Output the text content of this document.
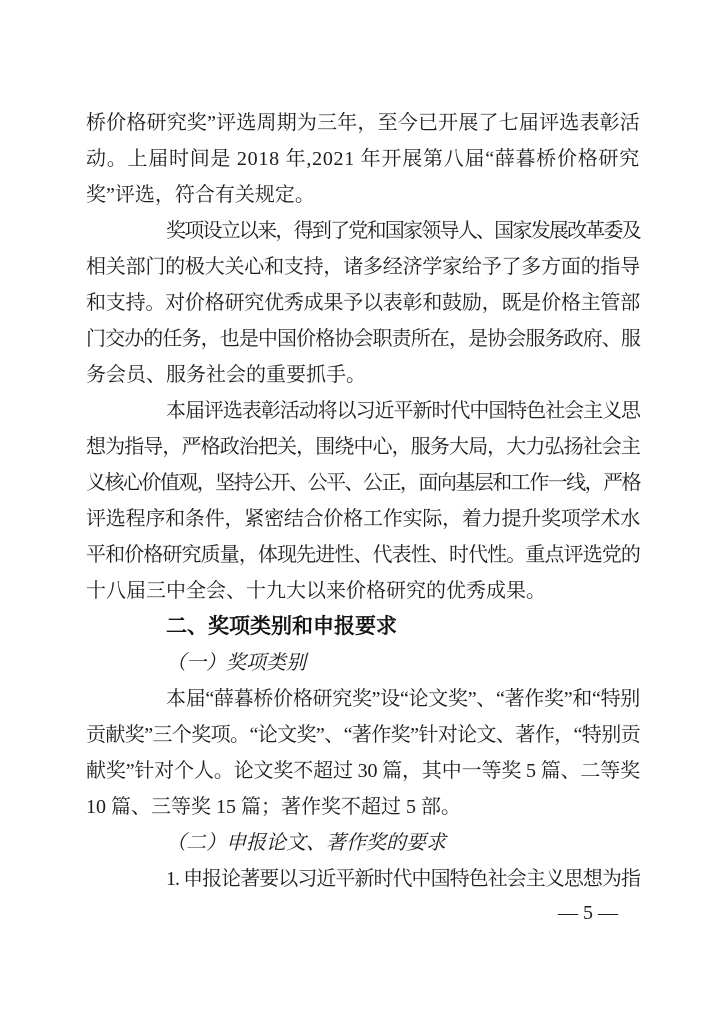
桥价格研究奖”评选周期为三年，至今已开展了七届评选表彰活
动。上届时间是 2018 年,2021 年开展第八届“薛暮桥价格研究
奖”评选，符合有关规定。
奖项设立以来，得到了党和国家领导人、国家发展改革委及
相关部门的极大关心和支持，诸多经济学家给予了多方面的指导
和支持。对价格研究优秀成果予以表彰和鼓励，既是价格主管部
门交办的任务，也是中国价格协会职责所在，是协会服务政府、服
务会员、服务社会的重要抓手。
本届评选表彰活动将以习近平新时代中国特色社会主义思
想为指导，严格政治把关，围绕中心，服务大局，大力弘扬社会主
义核心价值观，坚持公开、公平、公正，面向基层和工作一线，严格
评选程序和条件，紧密结合价格工作实际，着力提升奖项学术水
平和价格研究质量，体现先进性、代表性、时代性。重点评选党的
十八届三中全会、十九大以来价格研究的优秀成果。
二、奖项类别和申报要求
（一）奖项类别
本届“薛暮桥价格研究奖”设“论文奖”、“著作奖”和“特别
贡献奖”三个奖项。“论文奖”、“著作奖”针对论文、著作，“特别贡
献奖”针对个人。论文奖不超过 30 篇，其中一等奖 5 篇、二等奖
10 篇、三等奖 15 篇；著作奖不超过 5 部。
（二）申报论文、著作奖的要求
1. 申报论著要以习近平新时代中国特色社会主义思想为指
— 5 —
